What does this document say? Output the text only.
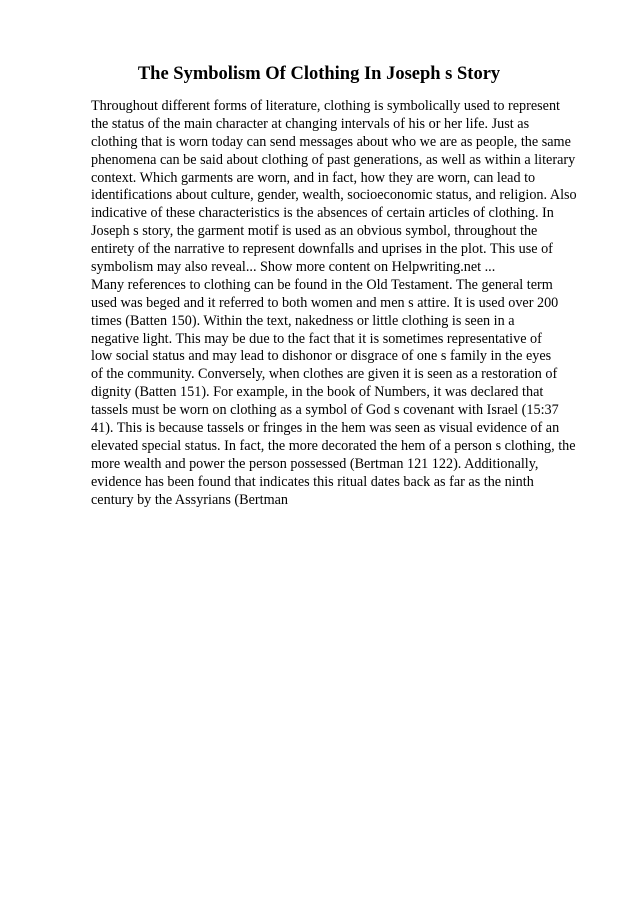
The Symbolism Of Clothing In Joseph s Story
Throughout different forms of literature, clothing is symbolically used to represent
the status of the main character at changing intervals of his or her life. Just as
clothing that is worn today can send messages about who we are as people, the same
phenomena can be said about clothing of past generations, as well as within a literary
context. Which garments are worn, and in fact, how they are worn, can lead to
identifications about culture, gender, wealth, socioeconomic status, and religion. Also
indicative of these characteristics is the absences of certain articles of clothing. In
Joseph s story, the garment motif is used as an obvious symbol, throughout the
entirety of the narrative to represent downfalls and uprises in the plot. This use of
symbolism may also reveal... Show more content on Helpwriting.net ...
Many references to clothing can be found in the Old Testament. The general term
used was beged and it referred to both women and men s attire. It is used over 200
times (Batten 150). Within the text, nakedness or little clothing is seen in a
negative light. This may be due to the fact that it is sometimes representative of
low social status and may lead to dishonor or disgrace of one s family in the eyes
of the community. Conversely, when clothes are given it is seen as a restoration of
dignity (Batten 151). For example, in the book of Numbers, it was declared that
tassels must be worn on clothing as a symbol of God s covenant with Israel (15:37
41). This is because tassels or fringes in the hem was seen as visual evidence of an
elevated special status. In fact, the more decorated the hem of a person s clothing, the
more wealth and power the person possessed (Bertman 121 122). Additionally,
evidence has been found that indicates this ritual dates back as far as the ninth
century by the Assyrians (Bertman
